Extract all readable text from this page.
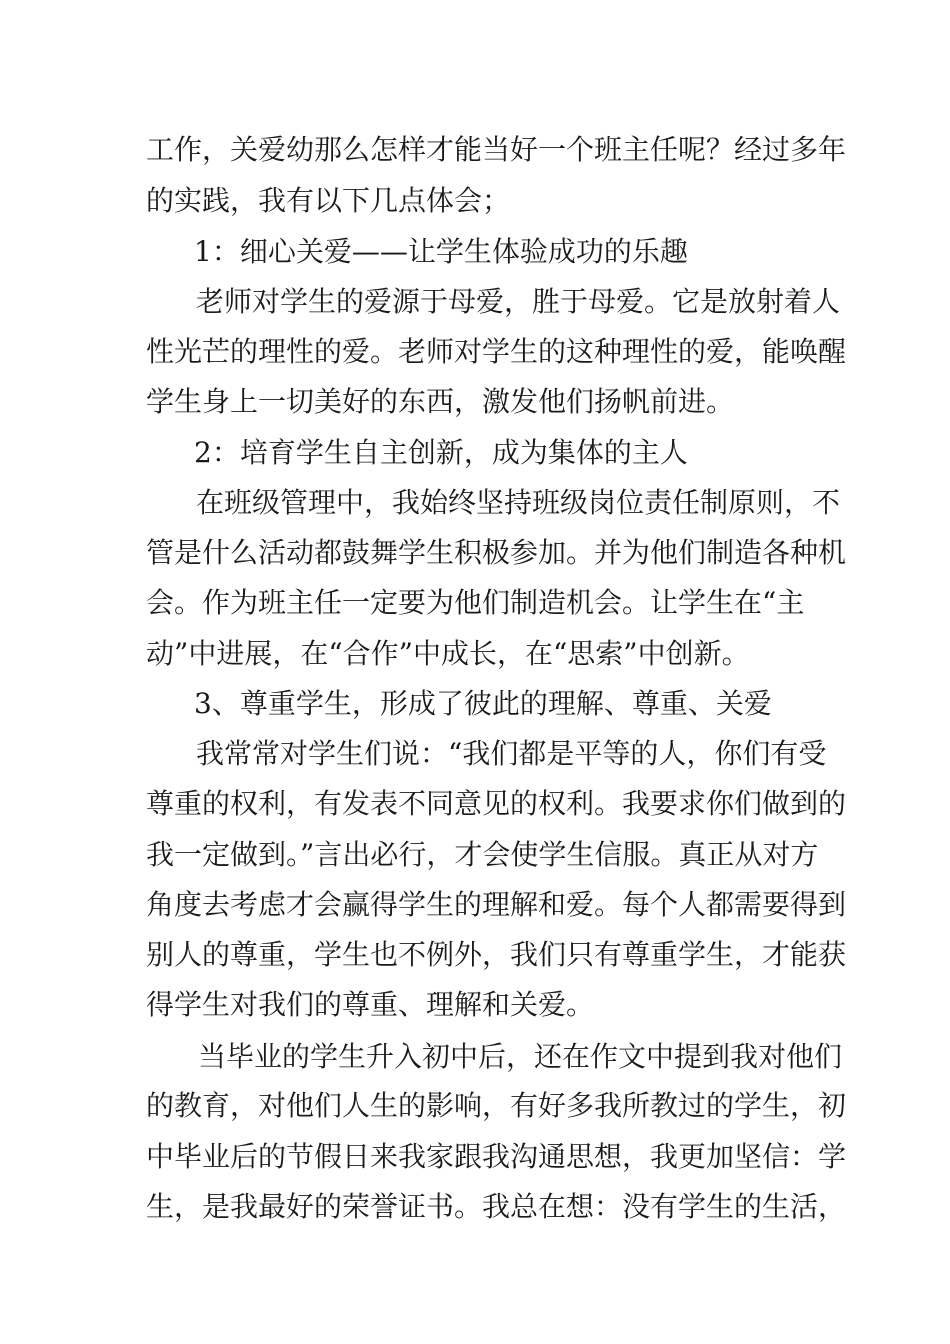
工作，关爱幼那么怎样才能当好一个班主任呢？经过多年
的实践，我有以下几点体会；
1：细心关爱——让学生体验成功的乐趣
老师对学生的爱源于母爱，胜于母爱。它是放射着人
性光芒的理性的爱。老师对学生的这种理性的爱，能唤醒
学生身上一切美好的东西，激发他们扬帆前进。
2：培育学生自主创新，成为集体的主人
在班级管理中，我始终坚持班级岗位责任制原则，不
管是什么活动都鼓舞学生积极参加。并为他们制造各种机
会。作为班主任一定要为他们制造机会。让学生在“主
动”中进展，在“合作”中成长，在“思索”中创新。
3、尊重学生，形成了彼此的理解、尊重、关爱
我常常对学生们说：“我们都是平等的人，你们有受
尊重的权利，有发表不同意见的权利。我要求你们做到的
我一定做到。”言出必行，才会使学生信服。真正从对方
角度去考虑才会赢得学生的理解和爱。每个人都需要得到
别人的尊重，学生也不例外，我们只有尊重学生，才能获
得学生对我们的尊重、理解和关爱。
当毕业的学生升入初中后，还在作文中提到我对他们
的教育，对他们人生的影响，有好多我所教过的学生，初
中毕业后的节假日来我家跟我沟通思想，我更加坚信：学
生，是我最好的荣誉证书。我总在想：没有学生的生活，
